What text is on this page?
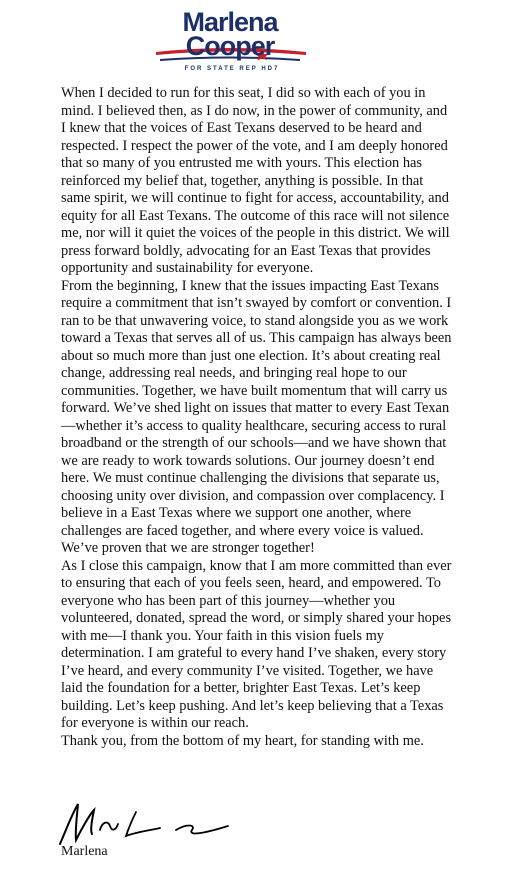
Marlena
Cooper
FOR STATE REP HD7

When I decided to run for this seat, I did so with each of you in mind. I believed then, as I do now, in the power of community, and I knew that the voices of East Texans deserved to be heard and respected. I respect the power of the vote, and I am deeply honored that so many of you entrusted me with yours. This election has reinforced my belief that, together, anything is possible. In that same spirit, we will continue to fight for access, accountability, and equity for all East Texans. The outcome of this race will not silence me, nor will it quiet the voices of the people in this district. We will press forward boldly, advocating for an East Texas that provides opportunity and sustainability for everyone.

From the beginning, I knew that the issues impacting East Texans require a commitment that isn’t swayed by comfort or convention. I ran to be that unwavering voice, to stand alongside you as we work toward a Texas that serves all of us. This campaign has always been about so much more than just one election. It’s about creating real change, addressing real needs, and bringing real hope to our communities. Together, we have built momentum that will carry us forward. We’ve shed light on issues that matter to every East Texan—whether it’s access to quality healthcare, securing access to rural broadband or the strength of our schools—and we have shown that we are ready to work towards solutions. Our journey doesn’t end here. We must continue challenging the divisions that separate us, choosing unity over division, and compassion over complacency. I believe in a East Texas where we support one another, where challenges are faced together, and where every voice is valued. We’ve proven that we are stronger together!

As I close this campaign, know that I am more committed than ever to ensuring that each of you feels seen, heard, and empowered. To everyone who has been part of this journey—whether you volunteered, donated, spread the word, or simply shared your hopes with me—I thank you. Your faith in this vision fuels my determination. I am grateful to every hand I’ve shaken, every story I’ve heard, and every community I’ve visited. Together, we have laid the foundation for a better, brighter East Texas. Let’s keep building. Let’s keep pushing. And let’s keep believing that a Texas for everyone is within our reach.

Thank you, from the bottom of my heart, for standing with me.

Marlena
